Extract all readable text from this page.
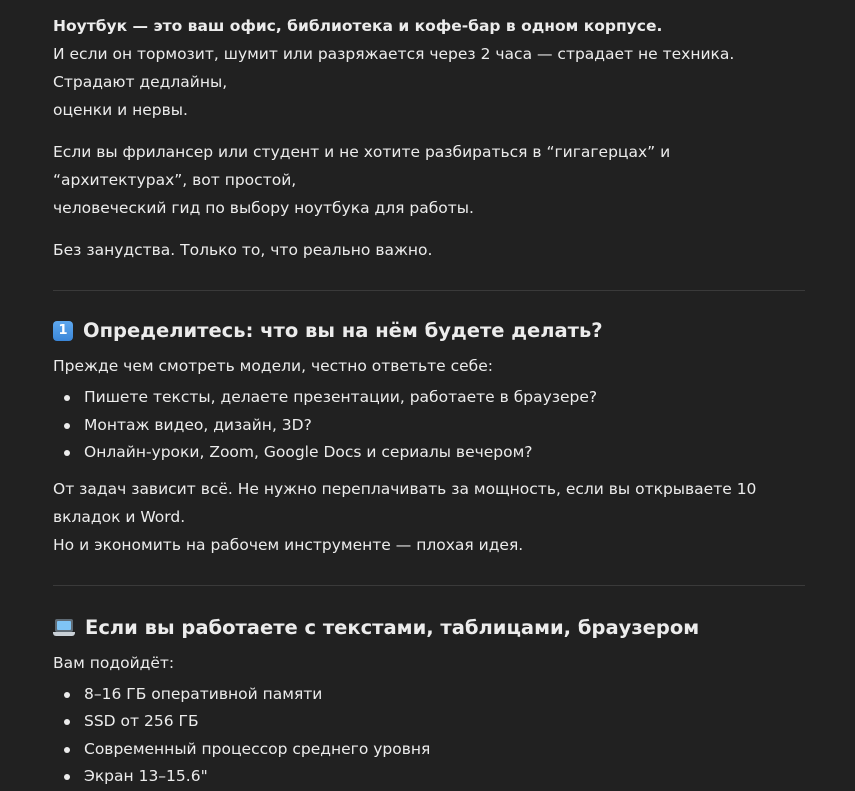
Ноутбук — это ваш офис, библиотека и кофе-бар в одном корпусе.

И если он тормозит, шумит или разряжается через 2 часа — страдает не техника. Страдают дедлайны,

оценки и нервы.

Если вы фрилансер или студент и не хотите разбираться в “гигагерцах” и “архитектурах”, вот простой,

человеческий гид по выбору ноутбука для работы.

Без занудства. Только то, что реально важно.

1 Определитесь: что вы на нём будете делать?

Прежде чем смотреть модели, честно ответьте себе:

Пишете тексты, делаете презентации, работаете в браузере?
Монтаж видео, дизайн, 3D?
Онлайн-уроки, Zoom, Google Docs и сериалы вечером?

От задач зависит всё. Не нужно переплачивать за мощность, если вы открываете 10 вкладок и Word.

Но и экономить на рабочем инструменте — плохая идея.

Если вы работаете с текстами, таблицами, браузером

Вам подойдёт:

8–16 ГБ оперативной памяти
SSD от 256 ГБ
Современный процессор среднего уровня
Экран 13–15.6"
